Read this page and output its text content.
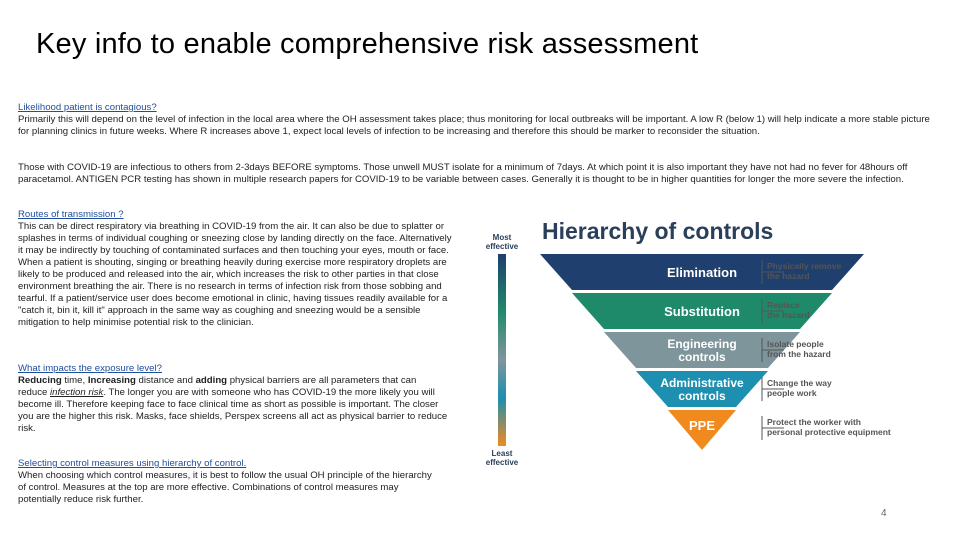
Key info to enable comprehensive risk assessment
Likelihood patient is contagious?
Primarily this will depend on the level of infection in the local area where the OH assessment takes place; thus monitoring for local outbreaks will be important. A low R (below 1) will help indicate a more stable picture for planning clinics in future weeks. Where R increases above 1, expect local levels of infection to be increasing and therefore this should be marker to reconsider the situation.
Those with COVID-19 are infectious to others from 2-3days BEFORE symptoms. Those unwell MUST isolate for a minimum of 7days. At which point it is also important they have not had no fever for 48hours off paracetamol. ANTIGEN PCR testing has shown in multiple research papers for COVID-19 to be variable between cases. Generally it is thought to be in higher quantities for longer the more severe the infection.
Routes of transmission ?
This can be direct respiratory via breathing in COVID-19 from the air. It can also be due to splatter or splashes in terms of individual coughing or sneezing close by landing directly on the face. Alternatively it may be indirectly by touching of contaminated surfaces and then touching your eyes, mouth or face. When a patient is shouting, singing or breathing heavily during exercise more respiratory droplets are likely to be produced and released into the air, which increases the risk to other parties in that close environment breathing the air. There is no research in terms of infection risk from those sobbing and tearful. If a patient/service user does become emotional in clinic, having tissues readily available for a "catch it, bin it, kill it" approach in the same way as coughing and sneezing would be a sensible mitigation to help minimise potential risk to the clinician.
What impacts the exposure level?
Reducing time, Increasing distance and adding physical barriers are all parameters that can reduce infection risk. The longer you are with someone who has COVID-19 the more likely you will become ill. Therefore keeping face to face clinical time as short as possible is important. The closer you are the higher this risk. Masks, face shields, Perspex screens all act as physical barrier to reduce risk.
Selecting control measures using hierarchy of control.
When choosing which control measures, it is best to follow the usual OH principle of the hierarchy of control. Measures at the top are more effective. Combinations of control measures may potentially reduce risk further.
Hierarchy of controls
Most
effective
Least
effective
Elimination	Physically remove
the hazard
Substitution	Replace
the hazard
Engineering
controls
Isolate people
from the hazard
Administrative
controls
Change the way
people work
PPE	Protect the worker with
personal protective equipment
4
